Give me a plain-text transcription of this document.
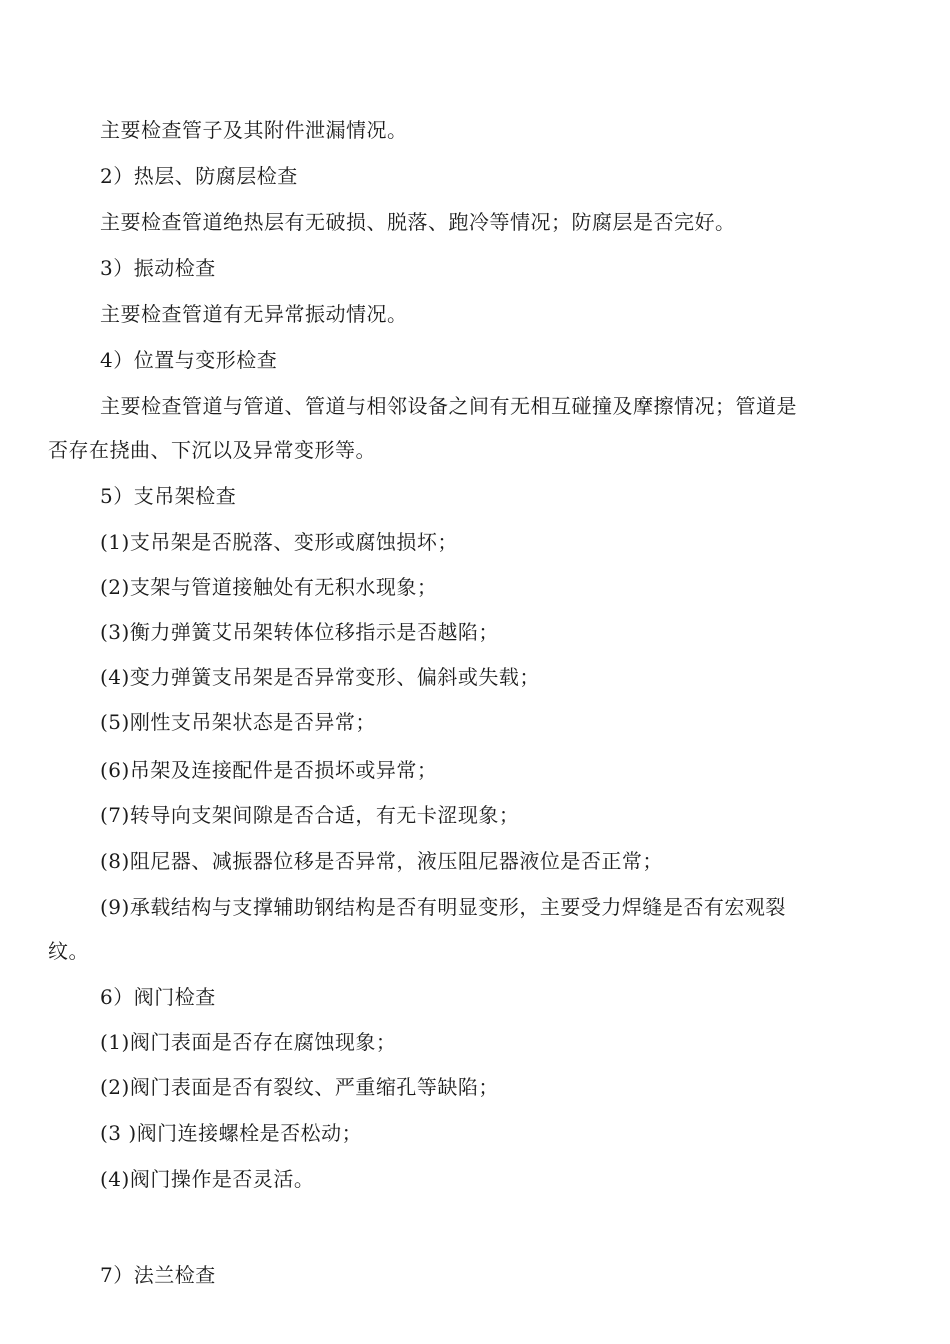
主要检查管子及其附件泄漏情况。
2）热层、防腐层检查
主要检查管道绝热层有无破损、脱落、跑冷等情况；防腐层是否完好。
3）振动检查
主要检查管道有无异常振动情况。
4）位置与变形检查
主要检查管道与管道、管道与相邻设备之间有无相互碰撞及摩擦情况；管道是
否存在挠曲、下沉以及异常变形等。
5）支吊架检查
(1)支吊架是否脱落、变形或腐蚀损坏；
(2)支架与管道接触处有无积水现象；
(3)衡力弹簧艾吊架转体位移指示是否越陷；
(4)变力弹簧支吊架是否异常变形、偏斜或失载；
(5)刚性支吊架状态是否异常；
(6)吊架及连接配件是否损坏或异常；
(7)转导向支架间隙是否合适，有无卡涩现象；
(8)阻尼器、减振器位移是否异常，液压阻尼器液位是否正常；
(9)承载结构与支撑辅助钢结构是否有明显变形，主要受力焊缝是否有宏观裂
纹。
6）阀门检查
(1)阀门表面是否存在腐蚀现象；
(2)阀门表面是否有裂纹、严重缩孔等缺陷；
(3 )阀门连接螺栓是否松动；
(4)阀门操作是否灵活。
7）法兰检查
